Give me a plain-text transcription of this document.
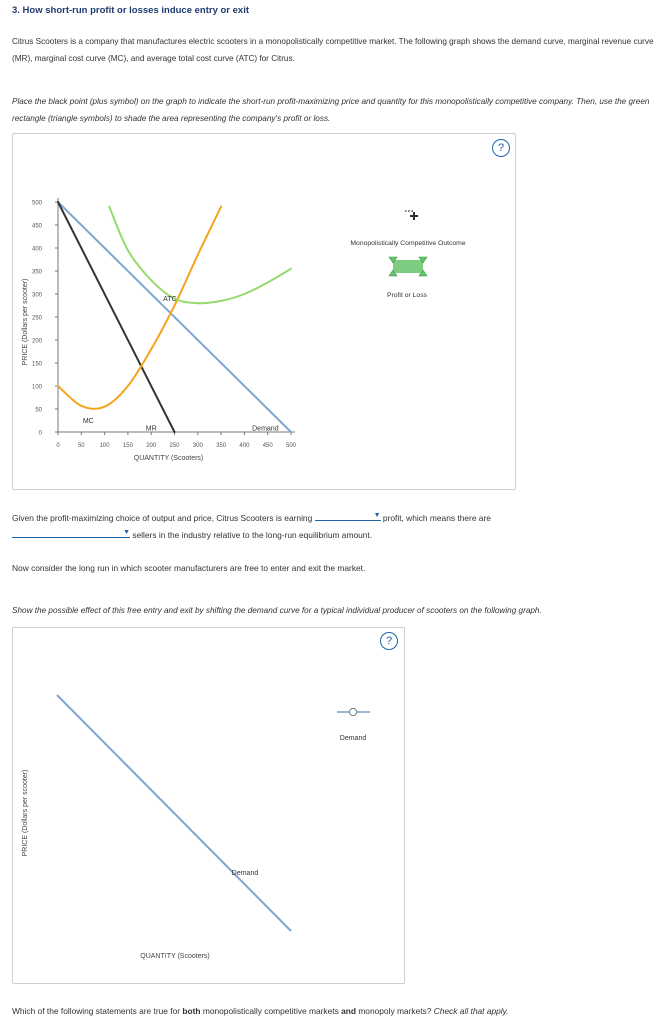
3. How short-run profit or losses induce entry or exit
Citrus Scooters is a company that manufactures electric scooters in a monopolistically competitive market. The following graph shows the demand curve, marginal revenue curve (MR), marginal cost curve (MC), and average total cost curve (ATC) for Citrus.
Place the black point (plus symbol) on the graph to indicate the short-run profit-maximizing price and quantity for this monopolistically competitive company. Then, use the green rectangle (triangle symbols) to shade the area representing the company's profit or loss.
?
0
50
100
150
200
250
300
350
400
450
500
0	50 100 150 200 250 300 350 400 450 500
QUANTITY (Scooters)
PRICE (Dollars per scooter)	ATC
MC
MR	Demand
Monopolistically Competitive Outcome
Profit or Loss
Given the profit-maximizing choice of output and price, Citrus Scooters is earning	▼ profit, which means there are
▼ sellers in the industry relative to the long-run equilibrium amount.
Now consider the long run in which scooter manufacturers are free to enter and exit the market.
Show the possible effect of this free entry and exit by shifting the demand curve for a typical individual producer of scooters on the following graph.
?
Demand
QUANTITY (Scooters)
PRICE (Dollars per scooter)
Demand
Which of the following statements are true for both monopolistically competitive markets and monopoly markets? Check all that apply.
